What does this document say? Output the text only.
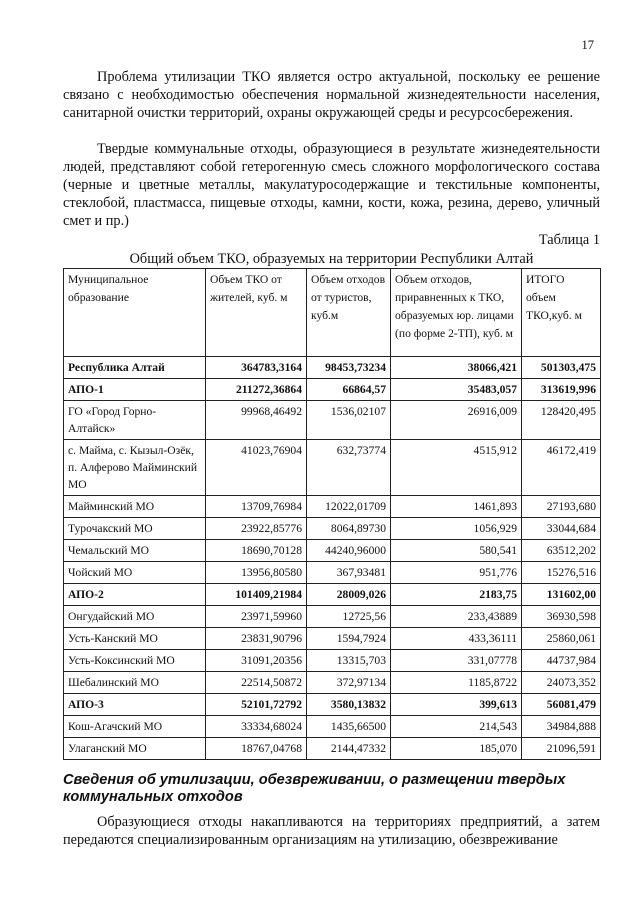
17

Проблема утилизации ТКО является остро актуальной, поскольку ее решение связано с необходимостью обеспечения нормальной жизнедеятельности населения, санитарной очистки территорий, охраны окружающей среды и ресурсосбережения.

Твердые коммунальные отходы, образующиеся в результате жизнедеятельности людей, представляют собой гетерогенную смесь сложного морфологического состава (черные и цветные металлы, макулатуросодержащие и текстильные компоненты, стеклобой, пластмасса, пищевые отходы, камни, кости, кожа, резина, дерево, уличный смет и пр.)

Таблица 1
Общий объем ТКО, образуемых на территории Республики Алтай
Муниципальное образование	Объем ТКО от жителей, куб. м	Объем отходов от туристов, куб.м	Объем отходов, приравненных к ТКО, образуемых юр. лицами (по форме 2-ТП), куб. м	ИТОГО объем ТКО,куб. м
Республика Алтай	364783,3164	98453,73234	38066,421	501303,475
АПО-1	211272,36864	66864,57	35483,057	313619,996
ГО «Город Горно-Алтайск»	99968,46492	1536,02107	26916,009	128420,495
с. Майма, с. Кызыл-Озёк, п. Алферово Майминский МО	41023,76904	632,73774	4515,912	46172,419
Майминский МО	13709,76984	12022,01709	1461,893	27193,680
Турочакский МО	23922,85776	8064,89730	1056,929	33044,684
Чемальский МО	18690,70128	44240,96000	580,541	63512,202
Чойский МО	13956,80580	367,93481	951,776	15276,516
АПО-2	101409,21984	28009,026	2183,75	131602,00
Онгудайский МО	23971,59960	12725,56	233,43889	36930,598
Усть-Канский МО	23831,90796	1594,7924	433,36111	25860,061
Усть-Коксинский МО	31091,20356	13315,703	331,07778	44737,984
Шебалинский МО	22514,50872	372,97134	1185,8722	24073,352
АПО-3	52101,72792	3580,13832	399,613	56081,479
Кош-Агачский МО	33334,68024	1435,66500	214,543	34984,888
Улаганский МО	18767,04768	2144,47332	185,070	21096,591

Сведения об утилизации, обезвреживании, о размещении твердых коммунальных отходов

Образующиеся отходы накапливаются на территориях предприятий, а затем передаются специализированным организациям на утилизацию, обезвреживание
